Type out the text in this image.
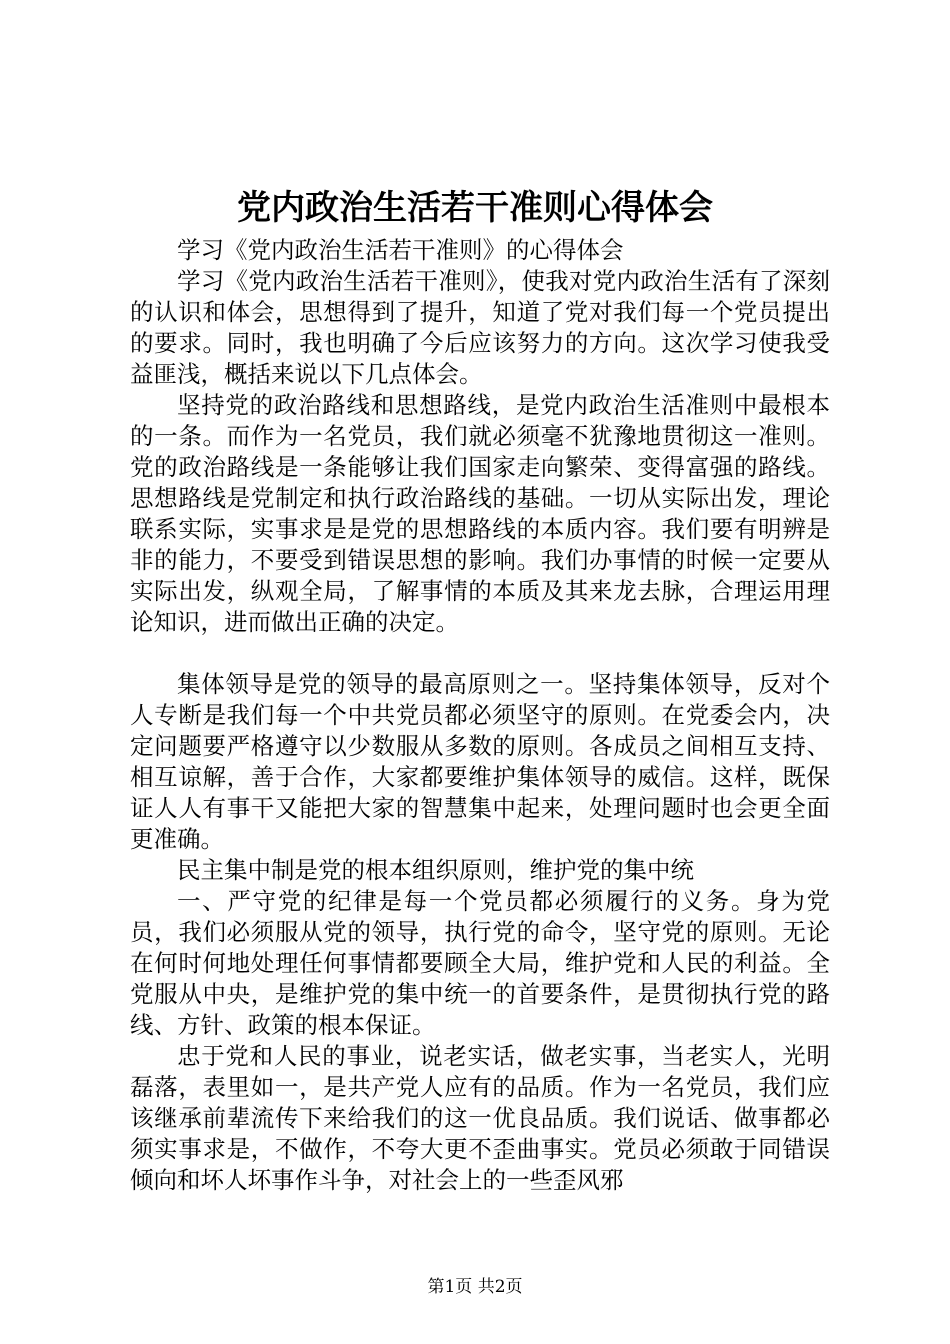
党内政治生活若干准则心得体会

学习《党内政治生活若干准则》的心得体会

学习《党内政治生活若干准则》，使我对党内政治生活有了深刻的认识和体会，思想得到了提升，知道了党对我们每一个党员提出的要求。同时，我也明确了今后应该努力的方向。这次学习使我受益匪浅，概括来说以下几点体会。

坚持党的政治路线和思想路线，是党内政治生活准则中最根本的一条。而作为一名党员，我们就必须毫不犹豫地贯彻这一准则。党的政治路线是一条能够让我们国家走向繁荣、变得富强的路线。思想路线是党制定和执行政治路线的基础。一切从实际出发，理论联系实际，实事求是是党的思想路线的本质内容。我们要有明辨是非的能力，不要受到错误思想的影响。我们办事情的时候一定要从实际出发，纵观全局，了解事情的本质及其来龙去脉，合理运用理论知识，进而做出正确的决定。

集体领导是党的领导的最高原则之一。坚持集体领导，反对个人专断是我们每一个中共党员都必须坚守的原则。在党委会内，决定问题要严格遵守以少数服从多数的原则。各成员之间相互支持、相互谅解，善于合作，大家都要维护集体领导的威信。这样，既保证人人有事干又能把大家的智慧集中起来，处理问题时也会更全面更准确。

民主集中制是党的根本组织原则，维护党的集中统

一、严守党的纪律是每一个党员都必须履行的义务。身为党员，我们必须服从党的领导，执行党的命令，坚守党的原则。无论在何时何地处理任何事情都要顾全大局，维护党和人民的利益。全党服从中央，是维护党的集中统一的首要条件，是贯彻执行党的路线、方针、政策的根本保证。

忠于党和人民的事业，说老实话，做老实事，当老实人，光明磊落，表里如一，是共产党人应有的品质。作为一名党员，我们应该继承前辈流传下来给我们的这一优良品质。我们说话、做事都必须实事求是，不做作，不夸大更不歪曲事实。党员必须敢于同错误倾向和坏人坏事作斗争，对社会上的一些歪风邪

第1页 共2页
